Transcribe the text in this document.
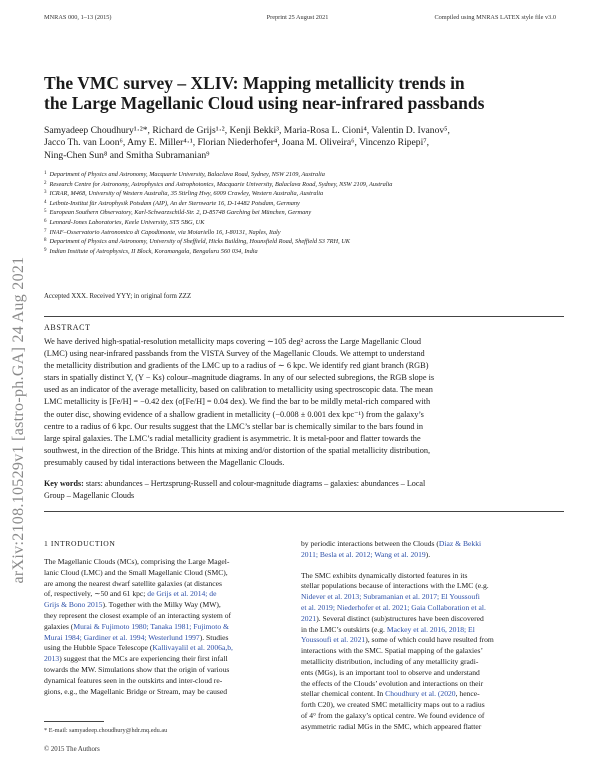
MNRAS 000, 1–13 (2015)	Preprint 25 August 2021	Compiled using MNRAS LATEX style file v3.0
arXiv:2108.10529v1 [astro-ph.GA] 24 Aug 2021
The VMC survey – XLIV: Mapping metallicity trends in
the Large Magellanic Cloud using near-infrared passbands
Samyadeep Choudhury¹·²*, Richard de Grijs¹·², Kenji Bekki³, Maria-Rosa L. Cioni⁴, Valentin D. Ivanov⁵,
Jacco Th. van Loon⁶, Amy E. Miller⁴·¹, Florian Niederhofer⁴, Joana M. Oliveira⁶, Vincenzo Ripepi⁷,
Ning-Chen Sun⁸ and Smitha Subramanian⁹
$^1$ Department of Physics and Astronomy, Macquarie University, Balaclava Road, Sydney, NSW 2109, Australia
$^2$ Research Centre for Astronomy, Astrophysics and Astrophotonics, Macquarie University, Balaclava Road, Sydney, NSW 2109, Australia
$^3$ ICRAR, M468, University of Western Australia, 35 Stirling Hwy, 6009 Crawley, Western Australia, Australia
$^4$ Leibniz-Institut für Astrophysik Potsdam (AIP), An der Sternwarte 16, D-14482 Potsdam, Germany
$^5$ European Southern Observatory, Karl-Schwarzschild-Str. 2, D-85748 Garching bei München, Germany
$^6$ Lennard-Jones Laboratories, Keele University, ST5 5BG, UK
$^7$ INAF–Osservatorio Astronomico di Capodimonte, via Moiariello 16, I-80131, Naples, Italy
$^8$ Department of Physics and Astronomy, University of Sheffield, Hicks Building, Hounsfield Road, Sheffield S3 7RH, UK
$^9$ Indian Institute of Astrophysics, II Block, Koramangala, Bengaluru 560 034, India
Accepted XXX. Received YYY; in original form ZZZ
ABSTRACT
We have derived high-spatial-resolution metallicity maps covering ∼105 deg² across the Large Magellanic Cloud
(LMC) using near-infrared passbands from the VISTA Survey of the Magellanic Clouds. We attempt to understand
the metallicity distribution and gradients of the LMC up to a radius of ∼ 6 kpc. We identify red giant branch (RGB)
stars in spatially distinct Y, (Y − Ks) colour–magnitude diagrams. In any of our selected subregions, the RGB slope is
used as an indicator of the average metallicity, based on calibration to metallicity using spectroscopic data. The mean
LMC metallicity is [Fe/H] = −0.42 dex (σ[Fe/H] = 0.04 dex). We find the bar to be mildly metal-rich compared with
the outer disc, showing evidence of a shallow gradient in metallicity (−0.008 ± 0.001 dex kpc⁻¹) from the galaxy’s
centre to a radius of 6 kpc. Our results suggest that the LMC’s stellar bar is chemically similar to the bars found in
large spiral galaxies. The LMC’s radial metallicity gradient is asymmetric. It is metal-poor and flatter towards the
southwest, in the direction of the Bridge. This hints at mixing and/or distortion of the spatial metallicity distribution,
presumably caused by tidal interactions between the Magellanic Clouds.
Key words: stars: abundances – Hertzsprung-Russell and colour-magnitude diagrams – galaxies: abundances – Local
Group – Magellanic Clouds
1 INTRODUCTION
The Magellanic Clouds (MCs), comprising the Large Magel-
lanic Cloud (LMC) and the Small Magellanic Cloud (SMC),
are among the nearest dwarf satellite galaxies (at distances
of, respectively, ∼50 and 61 kpc; de Grijs et al. 2014; de
Grijs & Bono 2015). Together with the Milky Way (MW),
they represent the closest example of an interacting system of
galaxies (Murai & Fujimoto 1980; Tanaka 1981; Fujimoto &
Murai 1984; Gardiner et al. 1994; Westerlund 1997). Studies
using the Hubble Space Telescope (Kallivayalil et al. 2006a,b,
2013) suggest that the MCs are experiencing their first infall
towards the MW. Simulations show that the origin of various
dynamical features seen in the outskirts and inter-cloud re-
gions, e.g., the Magellanic Bridge or Stream, may be caused
by periodic interactions between the Clouds (Diaz & Bekki
2011; Besla et al. 2012; Wang et al. 2019).
The SMC exhibits dynamically distorted features in its
stellar populations because of interactions with the LMC (e.g.
Nidever et al. 2013; Subramanian et al. 2017; El Youssoufi
et al. 2019; Niederhofer et al. 2021; Gaia Collaboration et al.
2021). Several distinct (sub)structures have been discovered
in the LMC’s outskirts (e.g. Mackey et al. 2016, 2018; El
Youssoufi et al. 2021), some of which could have resulted from
interactions with the SMC. Spatial mapping of the galaxies’
metallicity distribution, including of any metallicity gradi-
ents (MGs), is an important tool to observe and understand
the effects of the Clouds’ evolution and interactions on their
stellar chemical content. In Choudhury et al. (2020, hence-
forth C20), we created SMC metallicity maps out to a radius
of 4° from the galaxy’s optical centre. We found evidence of
asymmetric radial MGs in the SMC, which appeared flatter
* E-mail: samyadeep.choudhury@hdr.mq.edu.au
© 2015 The Authors
